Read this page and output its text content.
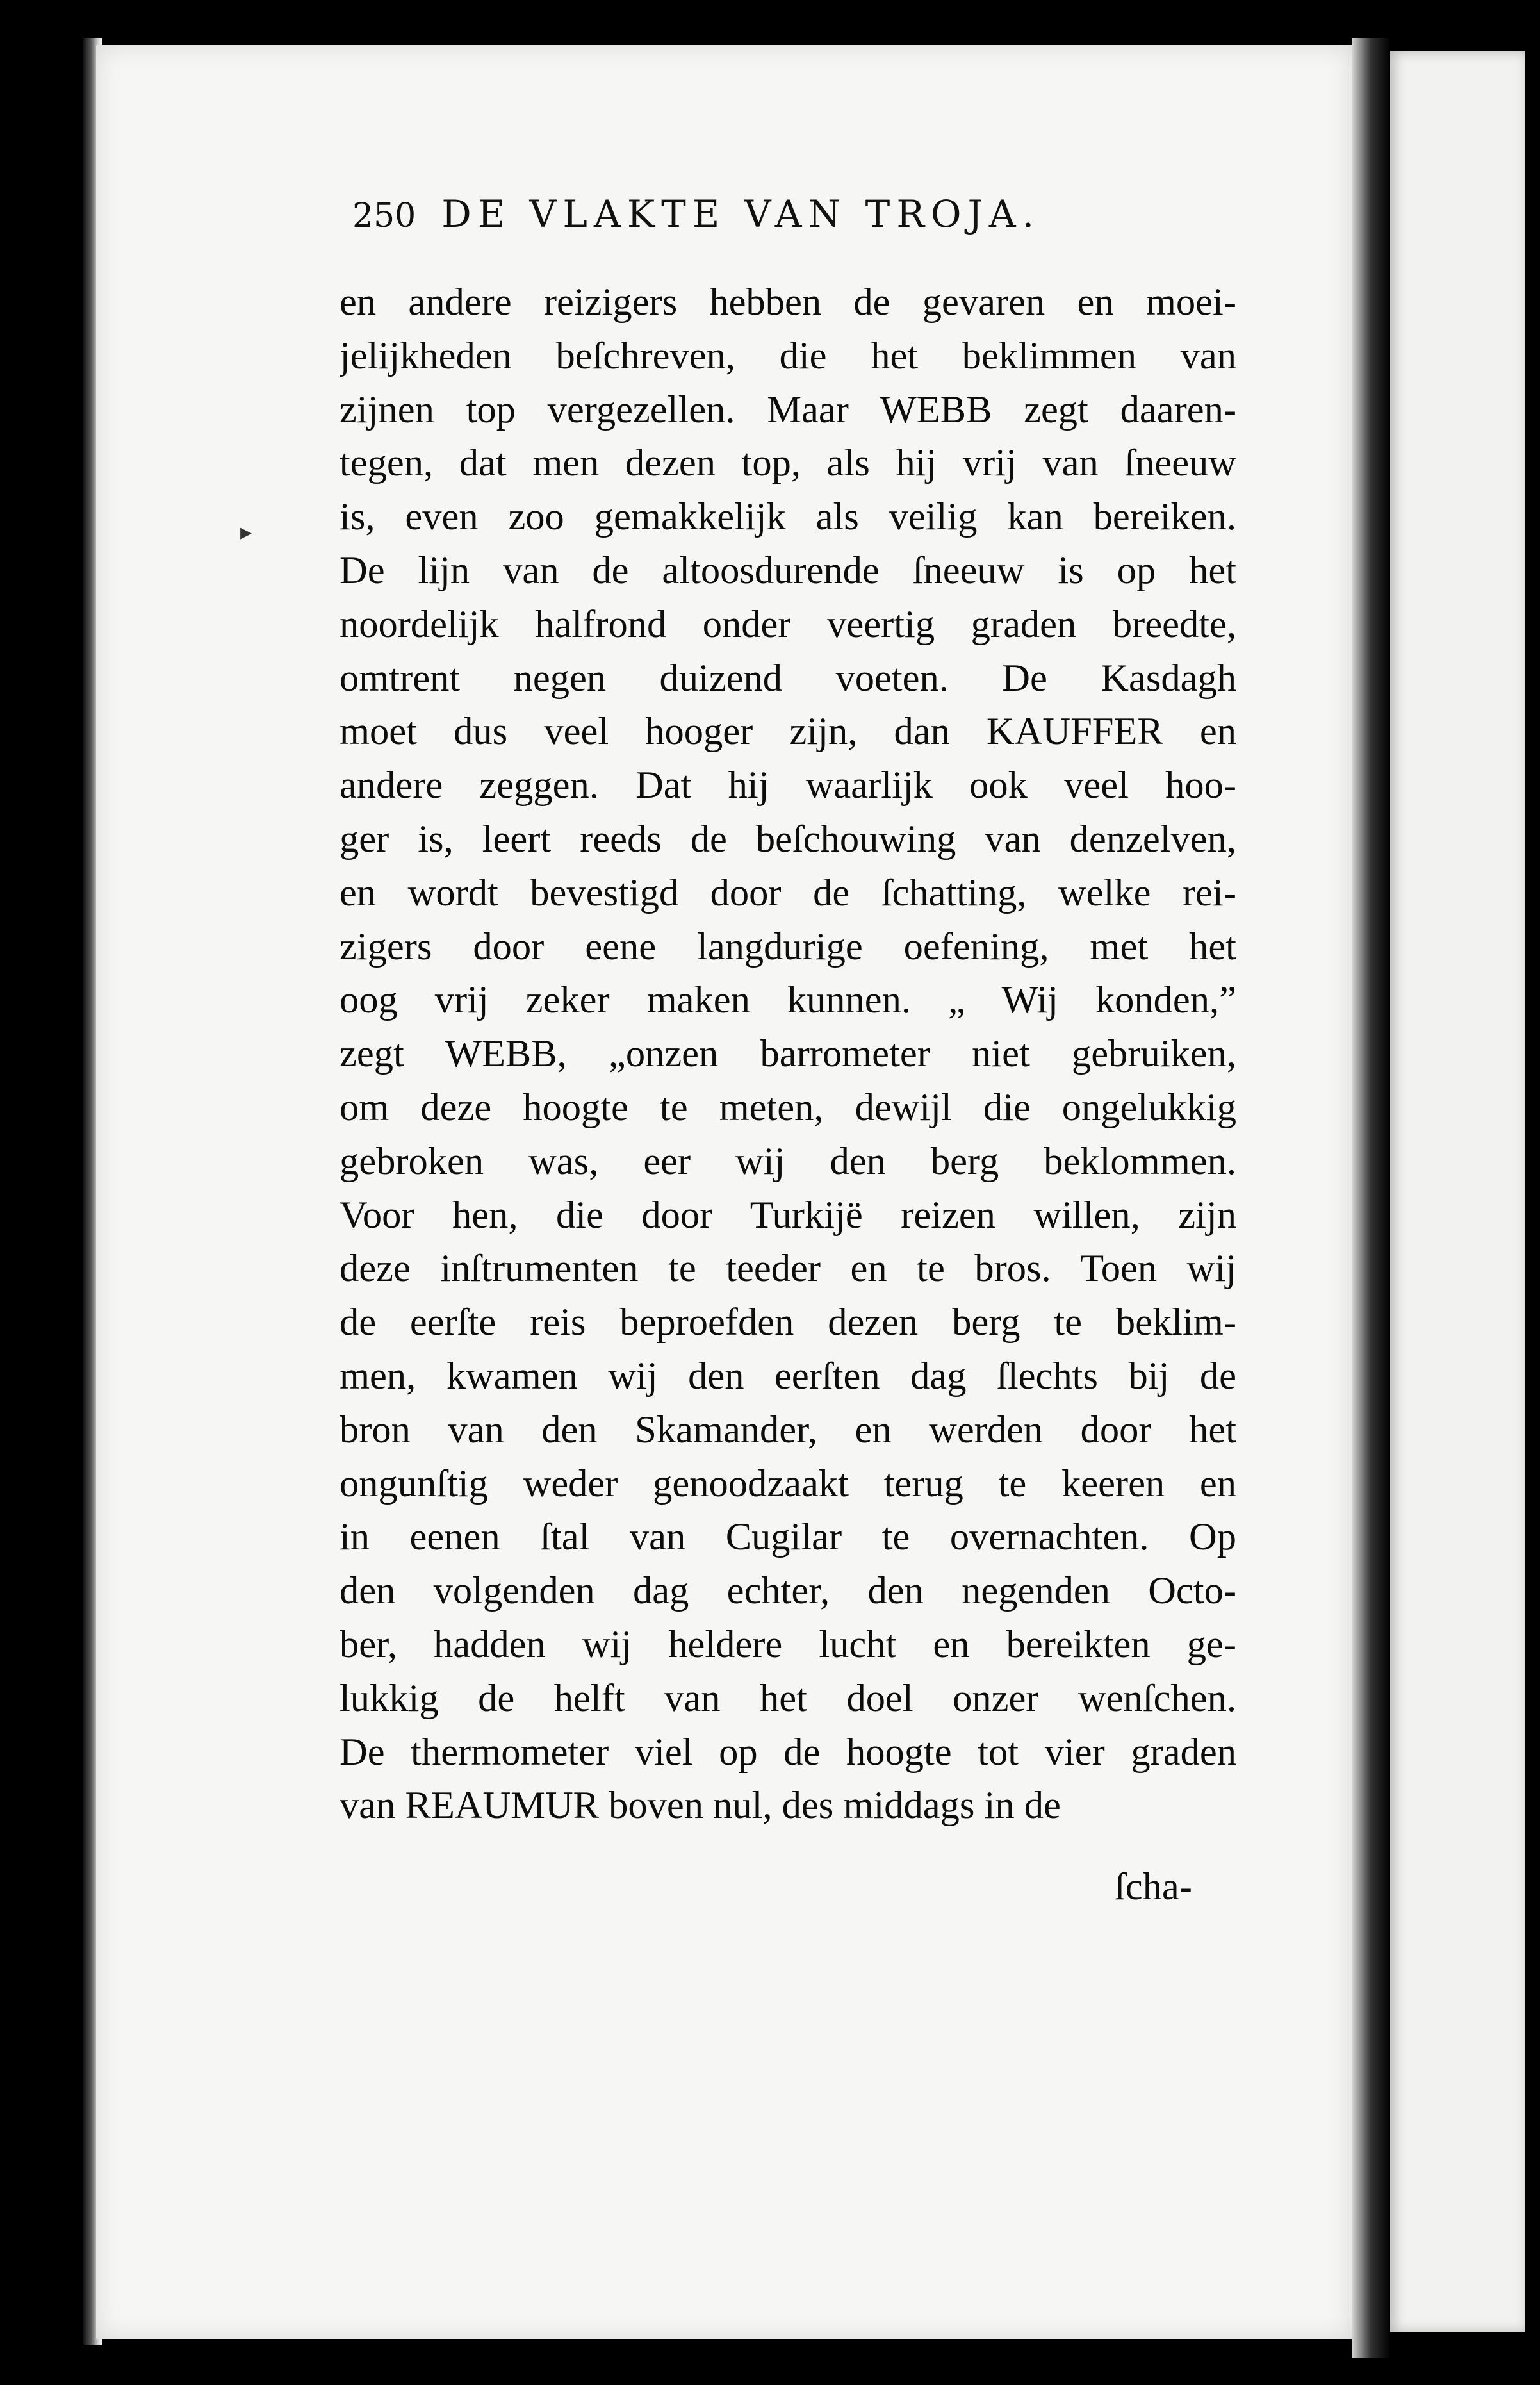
250 DE VLAKTE VAN TROJA.
en andere reizigers hebben de gevaren en moei-
jelijkheden beſchreven, die het beklimmen van
zijnen top vergezellen. Maar WEBB zegt daaren-
tegen, dat men dezen top, als hij vrij van ſneeuw
is, even zoo gemakkelijk als veilig kan bereiken.
De lijn van de altoosdurende ſneeuw is op het
noordelijk halfrond onder veertig graden breedte,
omtrent negen duizend voeten. De Kasdagh
moet dus veel hooger zijn, dan KAUFFER en
andere zeggen. Dat hij waarlijk ook veel hoo-
ger is, leert reeds de beſchouwing van denzelven,
en wordt bevestigd door de ſchatting, welke rei-
zigers door eene langdurige oefening, met het
oog vrij zeker maken kunnen. „ Wij konden,”
zegt WEBB, „onzen barrometer niet gebruiken,
om deze hoogte te meten, dewijl die ongelukkig
gebroken was, eer wij den berg beklommen.
Voor hen, die door Turkijë reizen willen, zijn
deze inſtrumenten te teeder en te bros. Toen wij
de eerſte reis beproefden dezen berg te beklim-
men, kwamen wij den eerſten dag ſlechts bij de
bron van den Skamander, en werden door het
ongunſtig weder genoodzaakt terug te keeren en
in eenen ſtal van Cugilar te overnachten. Op
den volgenden dag echter, den negenden Octo-
ber, hadden wij heldere lucht en bereikten ge-
lukkig de helft van het doel onzer wenſchen.
De thermometer viel op de hoogte tot vier graden
van REAUMUR boven nul, des middags in de
ſcha-
▸
